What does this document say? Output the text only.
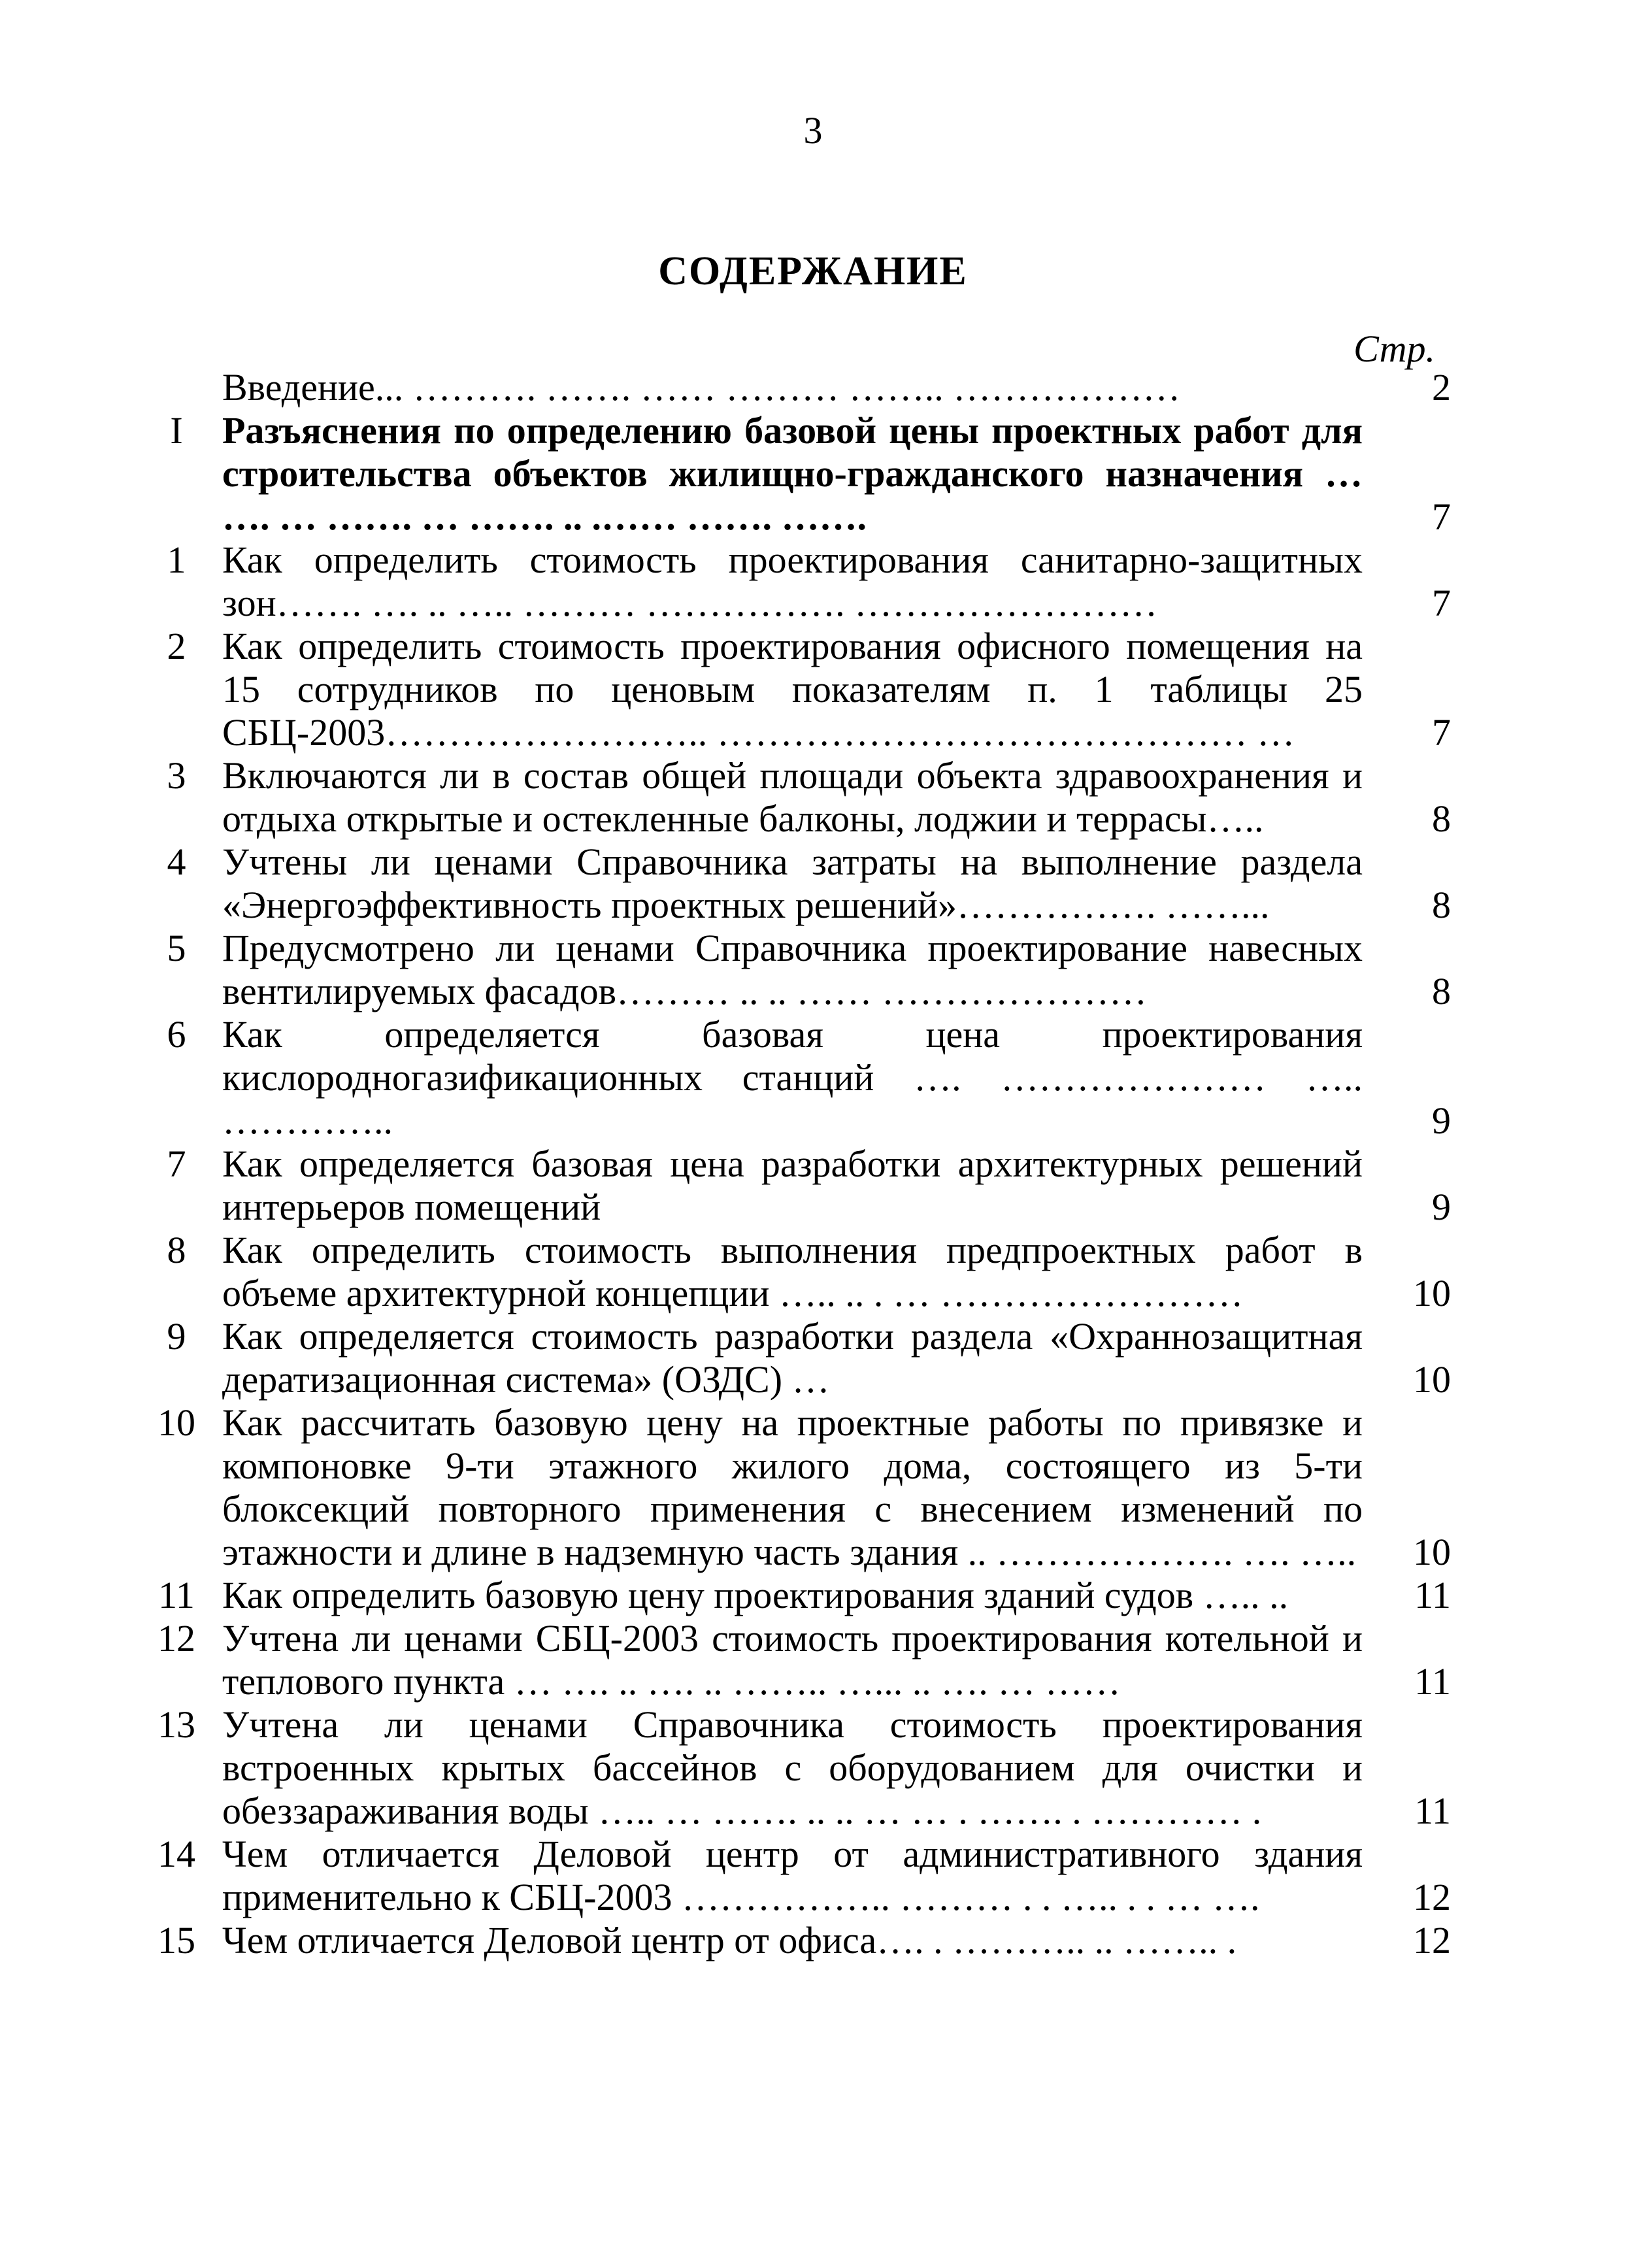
3
СОДЕРЖАНИЕ
Стр.
Введение... ………. ……. …… ……… …….. ………………	2
I	Разъяснения по определению базовой цены проектных работ для строительства объектов жилищно-гражданского назначения … …. … ……. … ……. .. .…… ……. …….	7
1 Как определить стоимость проектирования санитарно-защитных зон……. …. .. ….. ……… ……………. ……………………	7
2 Как определить стоимость проектирования офисного помещения на 15 сотрудников по ценовым показателям п. 1 таблицы 25 СБЦ-2003…………………….. …………………………………… …	7
3 Включаются ли в состав общей площади объекта здравоохранения и отдыха открытые и остекленные балконы, лоджии и террасы…..	8
4 Учтены ли ценами Справочника затраты на выполнение раздела «Энергоэффективность проектных решений»……………. ……...	8
5 Предусмотрено ли ценами Справочника проектирование навесных вентилируемых фасадов……… .. .. …… …………………	8
6 Как определяется базовая цена проектирования кислородногазификационных станций …. ………………… ….. …………..	9
7 Как определяется базовая цена разработки архитектурных решений интерьеров помещений	9
8 Как определить стоимость выполнения предпроектных работ в объеме архитектурной концепции ….. .. . … ……………………	10
9 Как определяется стоимость разработки раздела «Охраннозащитная дератизационная система» (ОЗДС) …	10
10 Как рассчитать базовую цену на проектные работы по привязке и компоновке 9-ти этажного жилого дома, состоящего из 5-ти блоксекций повторного применения с внесением изменений по этажности и длине в надземную часть здания .. ………………. …. …..	10
11 Как определить базовую цену проектирования зданий судов ….. ..	11
12 Учтена ли ценами СБЦ-2003 стоимость проектирования котельной и теплового пункта … …. .. …. .. …….. …... .. …. … ……	11
13 Учтена ли ценами Справочника стоимость проектирования встроенных крытых бассейнов с оборудованием для очистки и обеззараживания воды ….. … ……. .. .. … … . ……. . ………… .	11
14 Чем отличается Деловой центр от административного здания применительно к СБЦ-2003 …………….. ……… . . ….. . . … ….	12
15 Чем отличается Деловой центр от офиса…. . ……….. .. …….. .	12
